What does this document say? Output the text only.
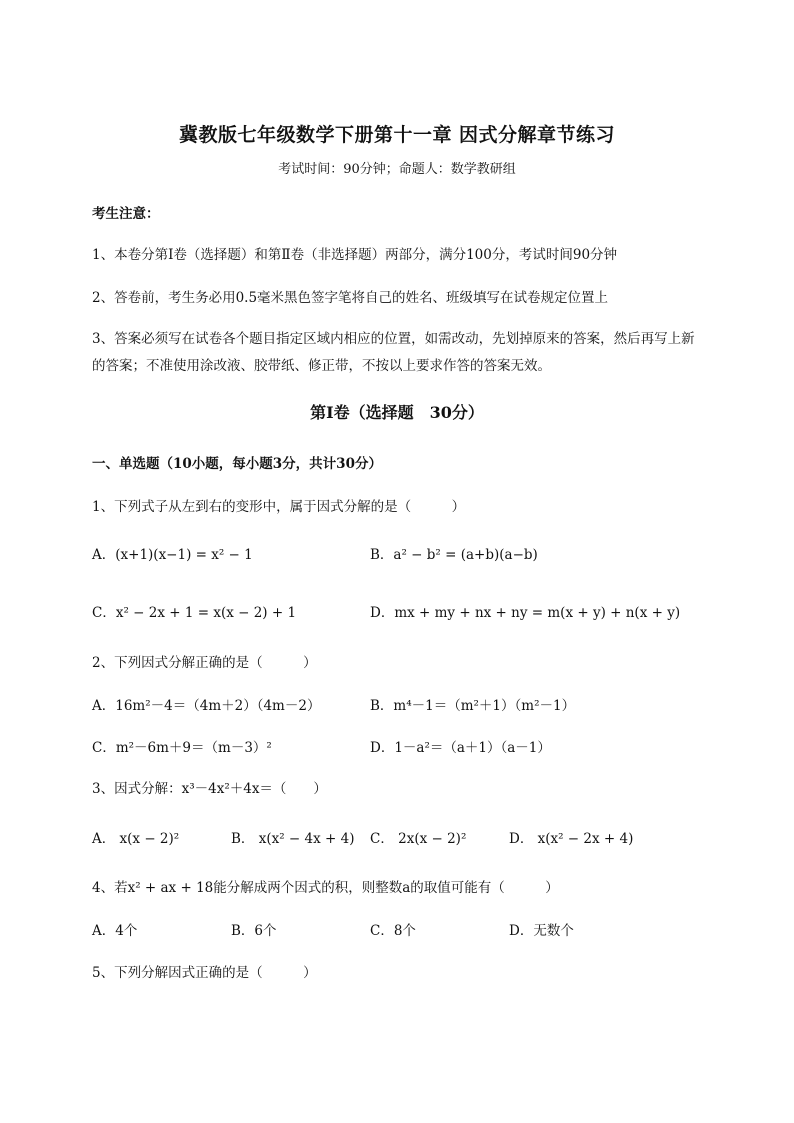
冀教版七年级数学下册第十一章 因式分解章节练习
考试时间：90分钟；命题人：数学教研组
考生注意：
1、本卷分第I卷（选择题）和第Ⅱ卷（非选择题）两部分，满分100分，考试时间90分钟
2、答卷前，考生务必用0.5毫米黑色签字笔将自己的姓名、班级填写在试卷规定位置上
3、答案必须写在试卷各个题目指定区域内相应的位置，如需改动，先划掉原来的答案，然后再写上新
的答案；不准使用涂改液、胶带纸、修正带，不按以上要求作答的答案无效。
第I卷（选择题　30分）
一、单选题（10小题，每小题3分，共计30分）
1、下列式子从左到右的变形中，属于因式分解的是（　　　）
A．(x+1)(x−1) = x² − 1	B．a² − b² = (a+b)(a−b)
C．x² − 2x + 1 = x(x − 2) + 1	D．mx + my + nx + ny = m(x + y) + n(x + y)
2、下列因式分解正确的是（　　　）
A．16m²－4＝（4m＋2）（4m－2）	B．m⁴－1＝（m²＋1）（m²－1）
C．m²－6m＋9＝（m－3）²	D．1－a²＝（a＋1）（a－1）
3、因式分解：x³－4x²＋4x＝（　　）
A． x(x − 2)²	B． x(x² − 4x + 4) C． 2x(x − 2)²	D． x(x² − 2x + 4)
4、若x² + ax + 18能分解成两个因式的积，则整数a的取值可能有（　　　）
A．4个	B．6个	C．8个	D．无数个
5、下列分解因式正确的是（　　　）
